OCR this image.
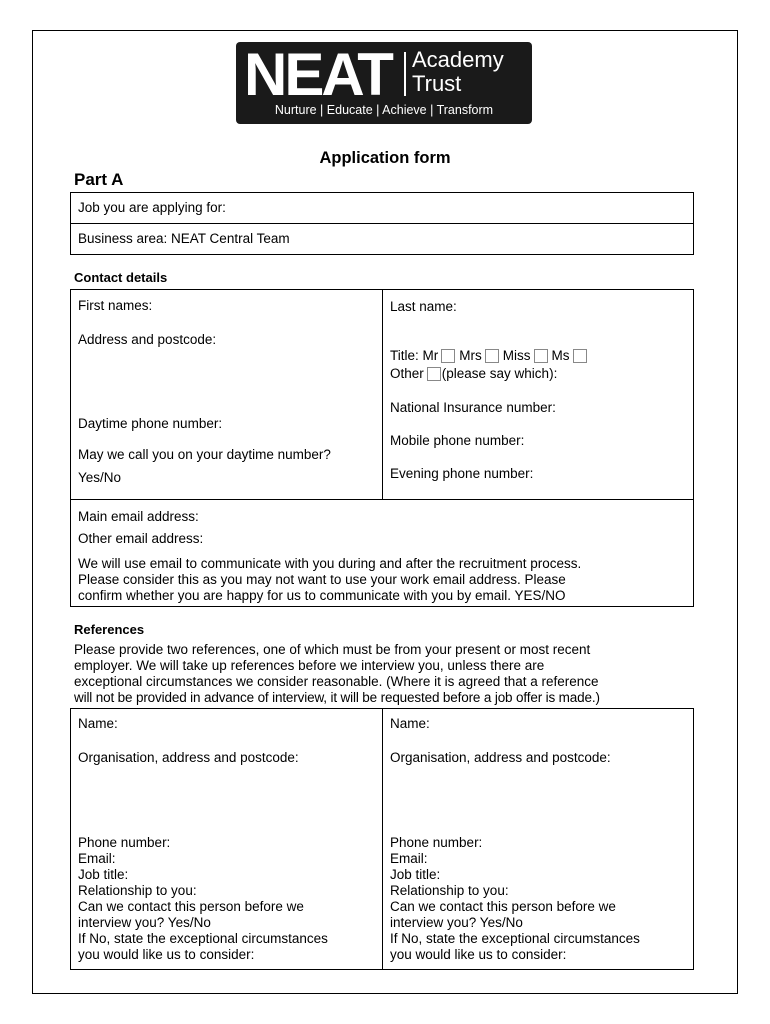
NEAT Academy
Trust
Nurture | Educate | Achieve | Transform
Application form
Part A
Job you are applying for:
Business area: NEAT Central Team
Contact details
First names:	Last name:
Address and postcode:
Title: Mr Mrs Miss Ms
Other (please say which):
National Insurance number:
Daytime phone number:
Mobile phone number:
May we call you on your daytime number?
Yes/No	Evening phone number:
Main email address:
Other email address:
We will use email to communicate with you during and after the recruitment process.
Please consider this as you may not want to use your work email address. Please
confirm whether you are happy for us to communicate with you by email. YES/NO
References
Please provide two references, one of which must be from your present or most recent
employer. We will take up references before we interview you, unless there are
exceptional circumstances we consider reasonable. (Where it is agreed that a reference
will not be provided in advance of interview, it will be requested before a job offer is made.)
Name:
Organisation, address and postcode:
Phone number:
Email:
Job title:
Relationship to you:
Can we contact this person before we
interview you? Yes/No
If No, state the exceptional circumstances
you would like us to consider:
Name:
Organisation, address and postcode:
Phone number:
Email:
Job title:
Relationship to you:
Can we contact this person before we
interview you? Yes/No
If No, state the exceptional circumstances
you would like us to consider:
